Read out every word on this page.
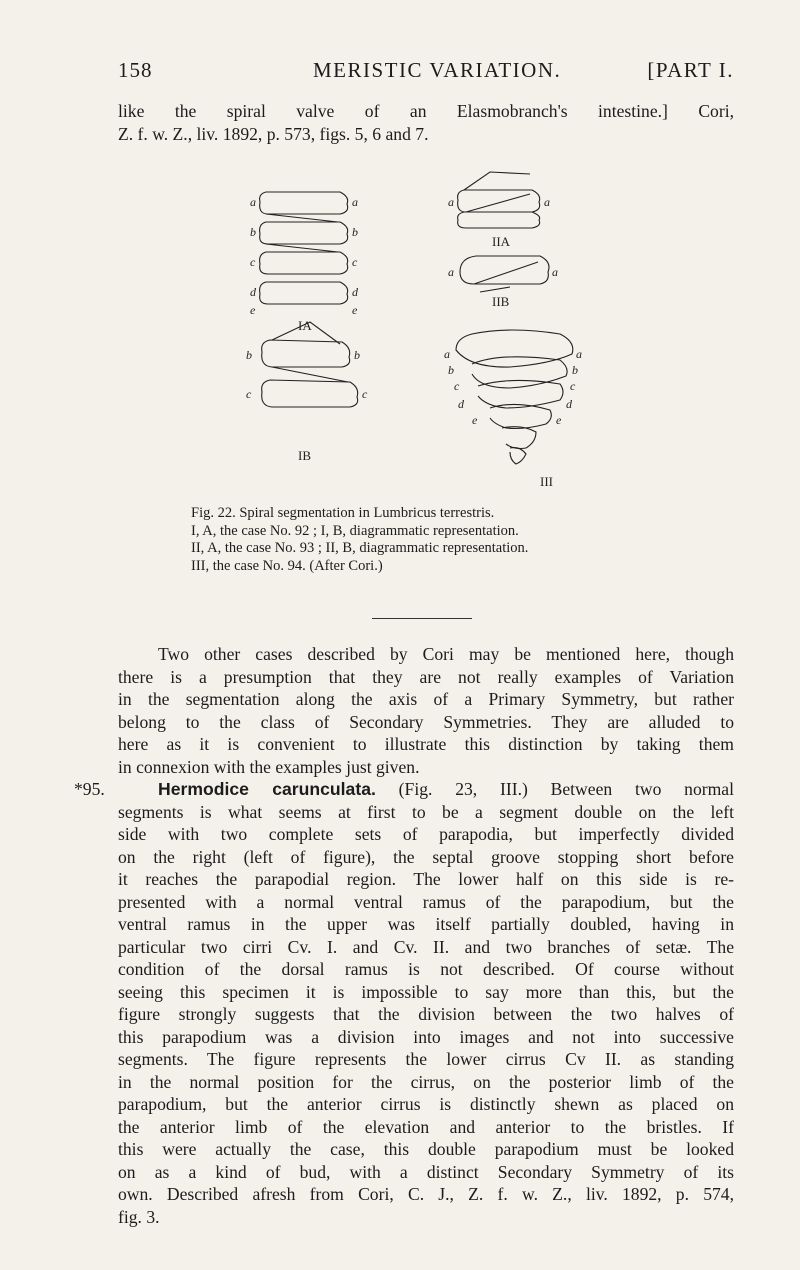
158	MERISTIC VARIATION.	[PART I.
like the spiral valve of an Elasmobranch's intestine.] Cori,
Z. f. w. Z., liv. 1892, p. 573, figs. 5, 6 and 7.
a
b
c
d
e
a
b
c
d
e
b
c
b
c
a	a
a	a
a
b
c
d
e
a
b
c
d
e
IA
IB
IIA
IIB
III
Fig. 22. Spiral segmentation in Lumbricus terrestris.
I, A, the case No. 92 ; I, B, diagrammatic representation.
II, A, the case No. 93 ; II, B, diagrammatic representation.
III, the case No. 94. (After Cori.)
Two other cases described by Cori may be mentioned here, though
there is a presumption that they are not really examples of Variation
in the segmentation along the axis of a Primary Symmetry, but rather
belong to the class of Secondary Symmetries. They are alluded to
here as it is convenient to illustrate this distinction by taking them
in connexion with the examples just given.
*95.	Hermodice carunculata. (Fig. 23, III.) Between two normal
segments is what seems at first to be a segment double on the left
side with two complete sets of parapodia, but imperfectly divided
on the right (left of figure), the septal groove stopping short before
it reaches the parapodial region. The lower half on this side is re-
presented with a normal ventral ramus of the parapodium, but the
ventral ramus in the upper was itself partially doubled, having in
particular two cirri Cv. I. and Cv. II. and two branches of setæ. The
condition of the dorsal ramus is not described. Of course without
seeing this specimen it is impossible to say more than this, but the
figure strongly suggests that the division between the two halves of
this parapodium was a division into images and not into successive
segments. The figure represents the lower cirrus Cv II. as standing
in the normal position for the cirrus, on the posterior limb of the
parapodium, but the anterior cirrus is distinctly shewn as placed on
the anterior limb of the elevation and anterior to the bristles. If
this were actually the case, this double parapodium must be looked
on as a kind of bud, with a distinct Secondary Symmetry of its
own. Described afresh from Cori, C. J., Z. f. w. Z., liv. 1892, p. 574,
fig. 3.
